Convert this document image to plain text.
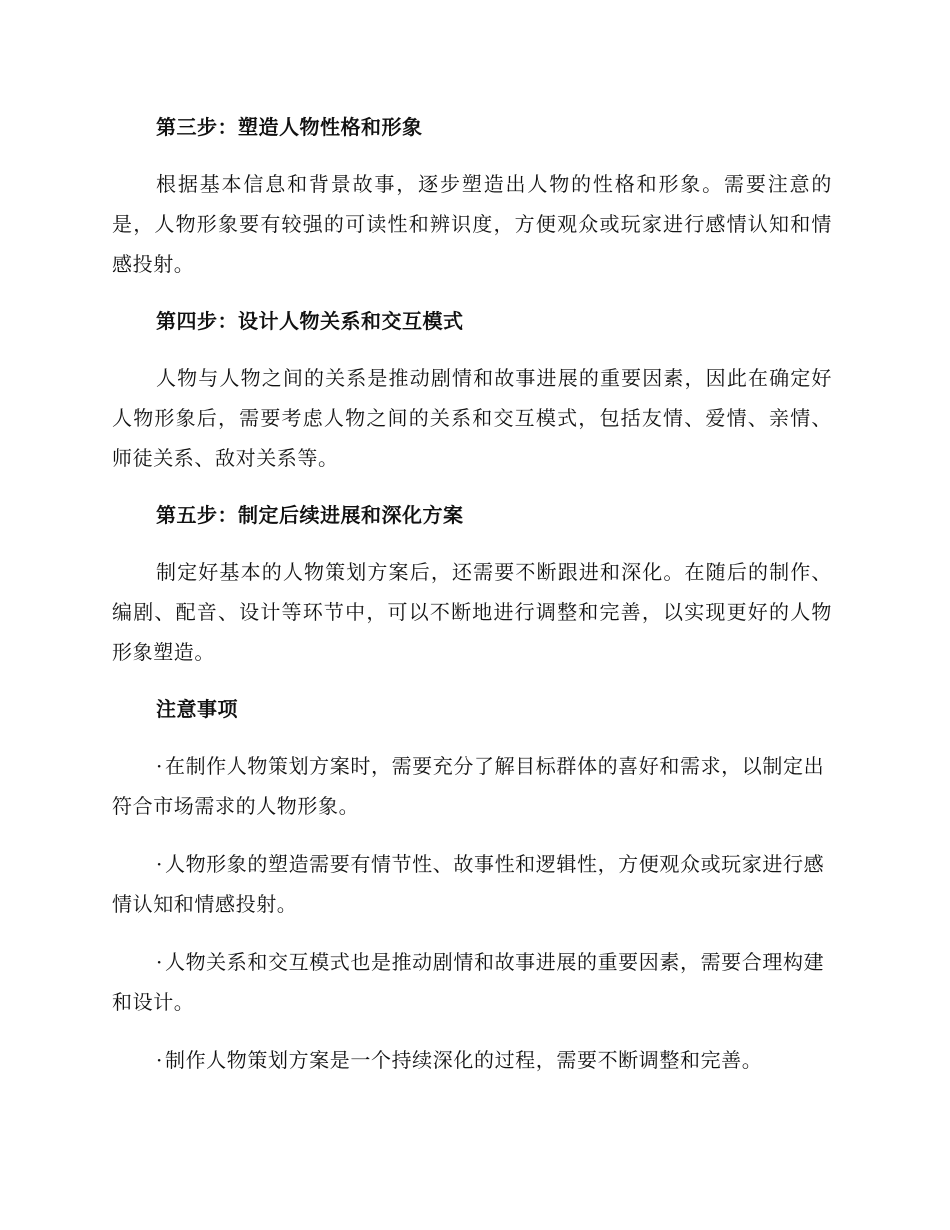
第三步：塑造人物性格和形象

根据基本信息和背景故事，逐步塑造出人物的性格和形象。需要注意的是，人物形象要有较强的可读性和辨识度，方便观众或玩家进行感情认知和情感投射。

第四步：设计人物关系和交互模式

人物与人物之间的关系是推动剧情和故事进展的重要因素，因此在确定好人物形象后，需要考虑人物之间的关系和交互模式，包括友情、爱情、亲情、师徒关系、敌对关系等。

第五步：制定后续进展和深化方案

制定好基本的人物策划方案后，还需要不断跟进和深化。在随后的制作、编剧、配音、设计等环节中，可以不断地进行调整和完善，以实现更好的人物形象塑造。

注意事项
· 在制作人物策划方案时，需要充分了解目标群体的喜好和需求，以制定出符合市场需求的人物形象。
· 人物形象的塑造需要有情节性、故事性和逻辑性，方便观众或玩家进行感情认知和情感投射。
· 人物关系和交互模式也是推动剧情和故事进展的重要因素，需要合理构建和设计。
· 制作人物策划方案是一个持续深化的过程，需要不断调整和完善。
